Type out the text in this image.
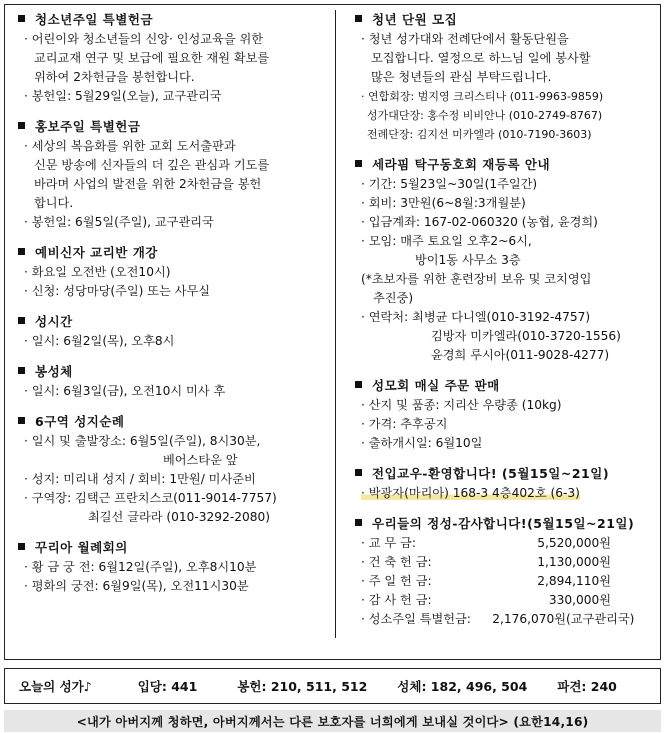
청소년주일 특별헌금
· 어린이와 청소년들의 신앙· 인성교육을 위한
교리교재 연구 및 보급에 필요한 재원 확보를
위하여 2차헌금을 봉헌합니다.
· 봉헌일: 5월29일(오늘), 교구관리국
홍보주일 특별헌금
· 세상의 복음화를 위한 교회 도서출판과
신문 방송에 신자들의 더 깊은 관심과 기도를
바라며 사업의 발전을 위한 2차헌금을 봉헌
합니다.
· 봉헌일: 6월5일(주일), 교구관리국
예비신자 교리반 개강
· 화요일 오전반 (오전10시)
· 신청: 성당마당(주일) 또는 사무실
성시간
· 일시: 6월2일(목), 오후8시
봉성체
· 일시: 6월3일(금), 오전10시 미사 후
6구역 성지순례
· 일시 및 출발장소: 6월5일(주일), 8시30분,
베어스타운 앞
· 성지: 미리내 성지 / 회비: 1만원/ 미사준비
· 구역장: 김택근 프란치스코(011-9014-7757)
최길선 글라라 (010-3292-2080)
꾸리아 월례회의
· 황 금 궁 전: 6월12일(주일), 오후8시10분
· 평화의 궁전: 6월9일(목), 오전11시30분
청년 단원 모집
· 청년 성가대와 전례단에서 활동단원을
모집합니다. 열정으로 하느님 일에 봉사할
많은 청년들의 관심 부탁드립니다.
· 연합회장: 범지영 크리스티나 (011-9963-9859)
성가대단장: 홍수정 비비안나 (010-2749-8767)
전례단장: 김지선 미카엘라 (010-7190-3603)
세라핌 탁구동호회 재등록 안내
· 기간: 5월23일~30일(1주일간)
· 회비: 3만원(6~8월:3개월분)
· 입금계좌: 167-02-060320 (농협, 윤경희)
· 모임: 매주 토요일 오후2~6시,
방이1동 사무소 3층
(*초보자를 위한 훈련장비 보유 및 코치영입
추진중)
· 연락처: 최병균 다니엘(010-3192-4757)
김방자 미카엘라(010-3720-1556)
윤경희 루시아(011-9028-4277)
성모회 매실 주문 판매
· 산지 및 품종: 지리산 우량종 (10kg)
· 가격: 추후공지
· 출하개시일: 6월10일
전입교우-환영합니다! (5월15일~21일)
· 박광자(마리아) 168-3 4층402호 (6-3)
우리들의 정성-감사합니다!(5월15일~21일)
· 교 무 금:	5,520,000원
· 건 축 헌 금:	1,130,000원
· 주 일 헌 금:	2,894,110원
· 감 사 헌 금:	330,000원
· 성소주일 특별헌금:	2,176,070원 (교구관리국)
오늘의 성가♪	입당: 441	봉헌: 210, 511, 512 성체: 182, 496, 504 파견: 240
<내가 아버지께 청하면, 아버지께서는 다른 보호자를 너희에게 보내실 것이다> (요한14,16)
